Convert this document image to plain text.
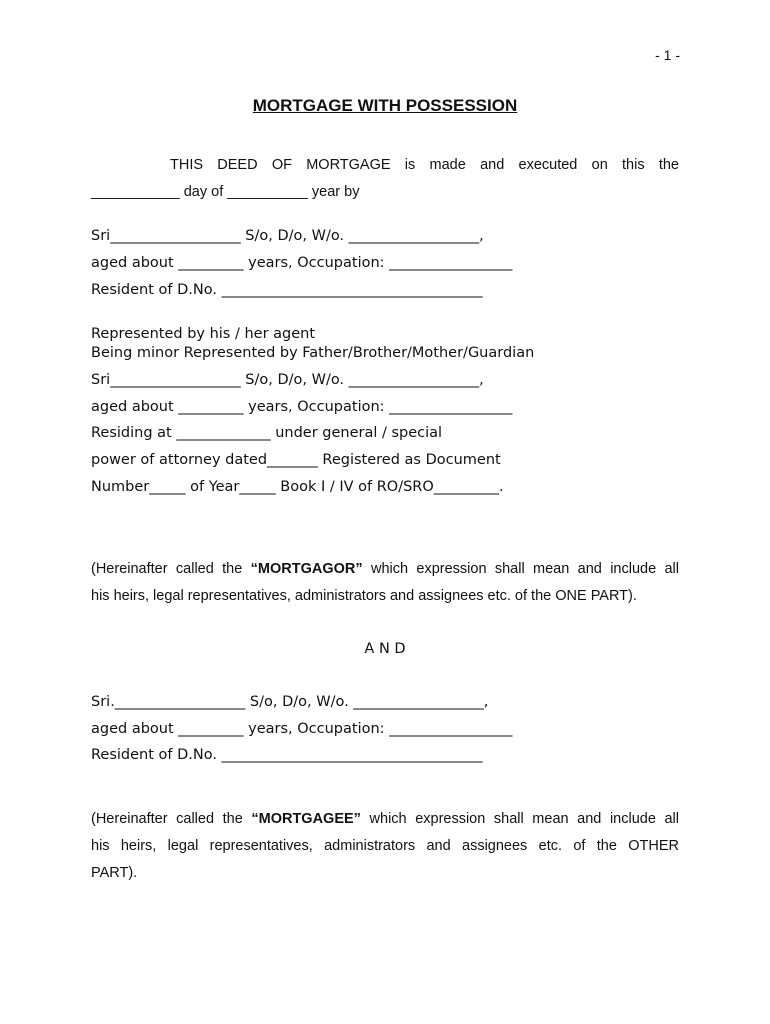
- 1 -
MORTGAGE WITH POSSESSION
THIS DEED OF MORTGAGE is made and executed on this the
___________ day of __________ year by
Sri__________________ S/o, D/o, W/o. __________________,
aged about _________ years, Occupation: _________________
Resident of D.No. ____________________________________
Represented by his / her agent
Being minor Represented by Father/Brother/Mother/Guardian
Sri__________________ S/o, D/o, W/o. __________________,
aged about _________ years, Occupation: _________________
Residing at _____________ under general / special
power of attorney dated_______ Registered as Document
Number_____ of Year_____ Book I / IV of RO/SRO_________.
(Hereinafter called the “MORTGAGOR” which expression shall mean and include all
his heirs, legal representatives, administrators and assignees etc. of the ONE PART).
A N D
Sri.__________________ S/o, D/o, W/o. __________________,
aged about _________ years, Occupation: _________________
Resident of D.No. ____________________________________
(Hereinafter called the “MORTGAGEE” which expression shall mean and include all
his heirs, legal representatives, administrators and assignees etc. of the OTHER
PART).
